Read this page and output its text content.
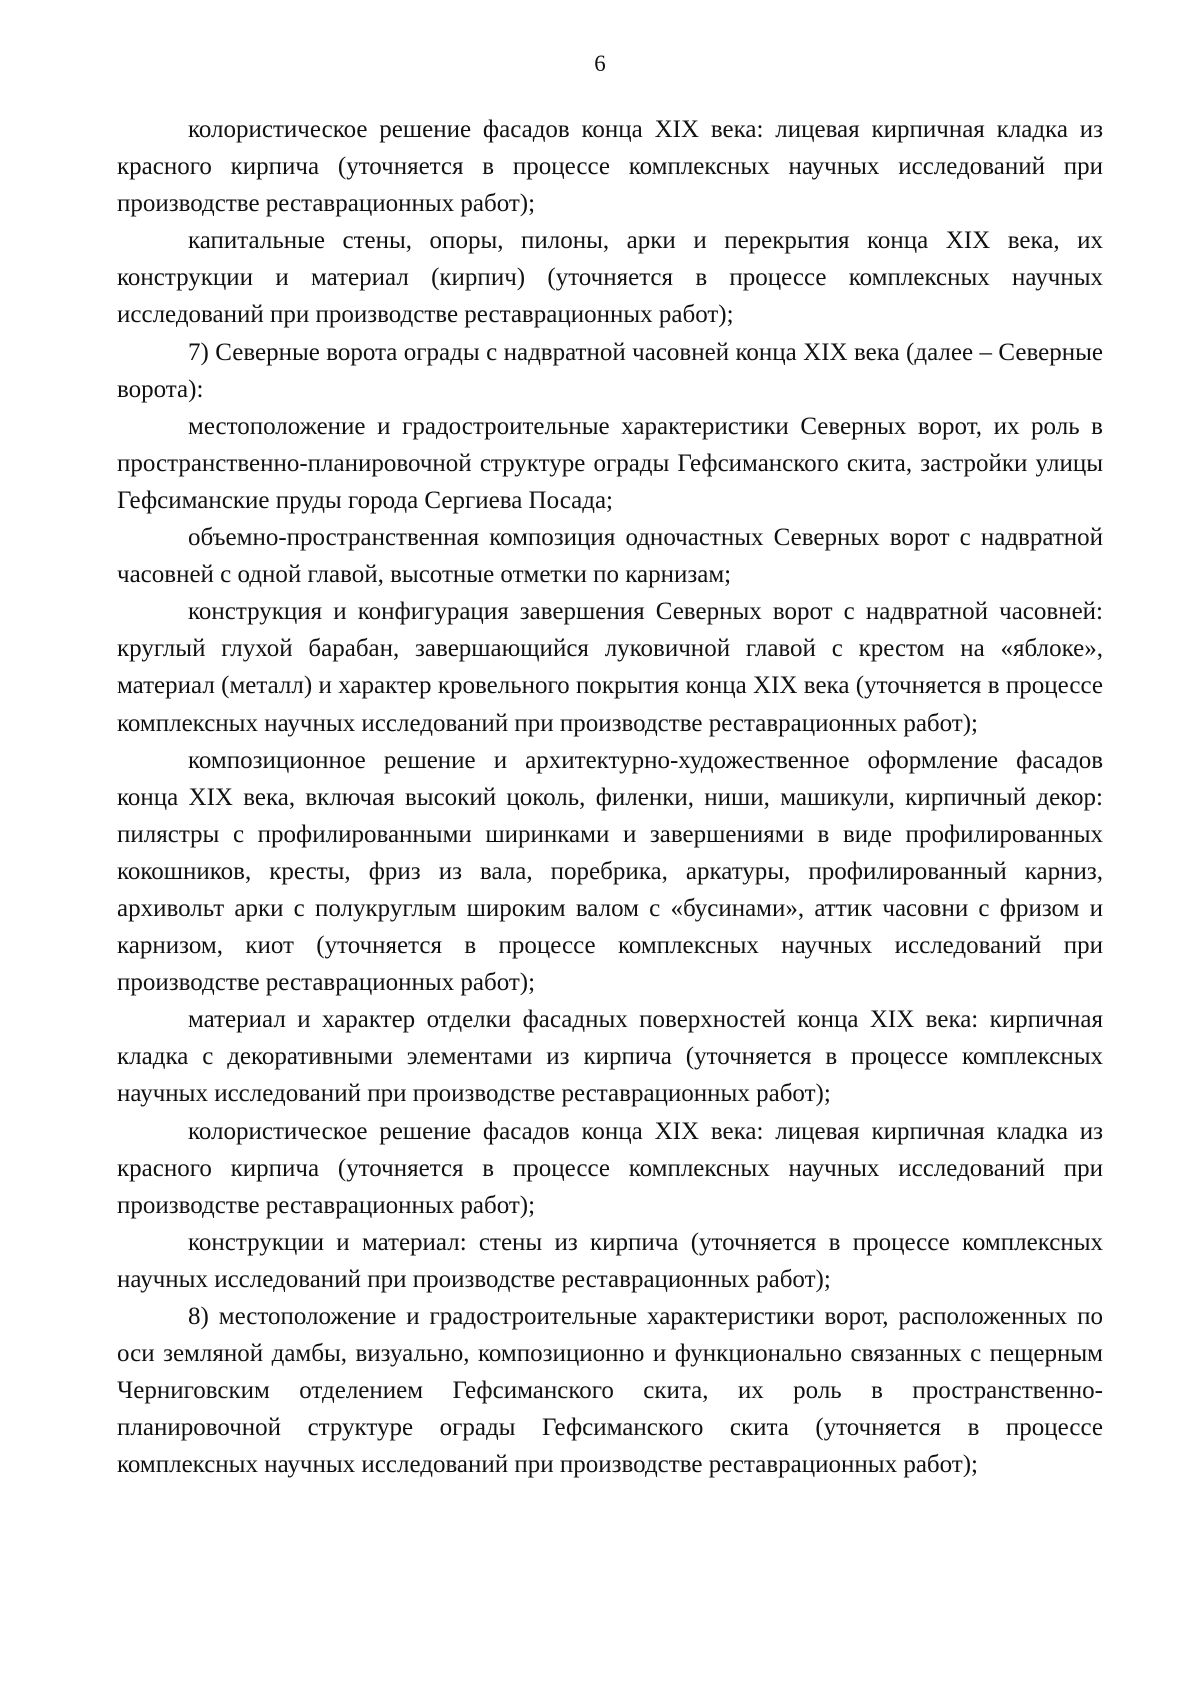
6

колористическое решение фасадов конца XIX века: лицевая кирпичная кладка из красного кирпича (уточняется в процессе комплексных научных исследований при производстве реставрационных работ);

капитальные стены, опоры, пилоны, арки и перекрытия конца XIX века, их конструкции и материал (кирпич) (уточняется в процессе комплексных научных исследований при производстве реставрационных работ);

7) Северные ворота ограды с надвратной часовней конца XIX века (далее – Северные ворота):

местоположение и градостроительные характеристики Северных ворот, их роль в пространственно-планировочной структуре ограды Гефсиманского скита, застройки улицы Гефсиманские пруды города Сергиева Посада;

объемно-пространственная композиция одночастных Северных ворот с надвратной часовней с одной главой, высотные отметки по карнизам;

конструкция и конфигурация завершения Северных ворот с надвратной часовней: круглый глухой барабан, завершающийся луковичной главой с крестом на «яблоке», материал (металл) и характер кровельного покрытия конца XIX века (уточняется в процессе комплексных научных исследований при производстве реставрационных работ);

композиционное решение и архитектурно-художественное оформление фасадов конца XIX века, включая высокий цоколь, филенки, ниши, машикули, кирпичный декор: пилястры с профилированными ширинками и завершениями в виде профилированных кокошников, кресты, фриз из вала, поребрика, аркатуры, профилированный карниз, архивольт арки с полукруглым широким валом с «бусинами», аттик часовни с фризом и карнизом, киот (уточняется в процессе комплексных научных исследований при производстве реставрационных работ);

материал и характер отделки фасадных поверхностей конца XIX века: кирпичная кладка с декоративными элементами из кирпича (уточняется в процессе комплексных научных исследований при производстве реставрационных работ);

колористическое решение фасадов конца XIX века: лицевая кирпичная кладка из красного кирпича (уточняется в процессе комплексных научных исследований при производстве реставрационных работ);

конструкции и материал: стены из кирпича (уточняется в процессе комплексных научных исследований при производстве реставрационных работ);

8) местоположение и градостроительные характеристики ворот, расположенных по оси земляной дамбы, визуально, композиционно и функционально связанных с пещерным Черниговским отделением Гефсиманского скита, их роль в пространственно-планировочной структуре ограды Гефсиманского скита (уточняется в процессе комплексных научных исследований при производстве реставрационных работ);
